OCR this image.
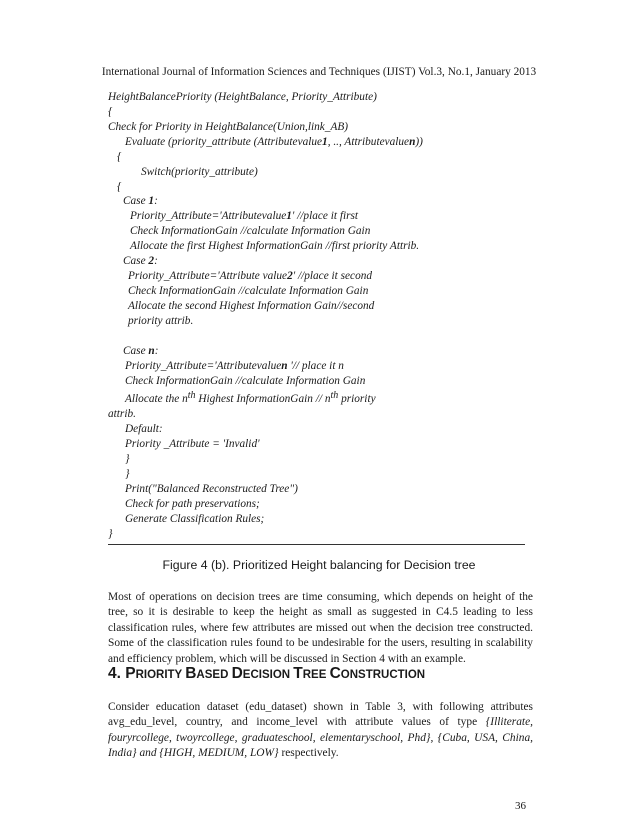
International Journal of Information Sciences and Techniques (IJIST) Vol.3, No.1, January 2013
HeightBalancePriority (HeightBalance, Priority_Attribute)
{
Check for Priority in HeightBalance(Union,link_AB)
Evaluate (priority_attribute (Attributevalue1, .., Attributevaluen))
{
Switch(priority_attribute)
{
Case 1:
Priority_Attribute='Attributevalue1' //place it first
Check InformationGain //calculate Information Gain
Allocate the first Highest InformationGain //first priority Attrib.
Case 2:
Priority_Attribute='Attribute value2' //place it second
Check InformationGain //calculate Information Gain
Allocate the second Highest Information Gain//second
priority attrib.
Case n:
Priority_Attribute='Attributevaluen '// place it n
Check InformationGain //calculate Information Gain
Allocate the $n^{th}$ Highest InformationGain // $n^{th}$ priority
attrib.
Default:
Priority _Attribute = 'Invalid'
}
}
Print("Balanced Reconstructed Tree")
Check for path preservations;
Generate Classification Rules;
}
Figure 4 (b). Prioritized Height balancing for Decision tree
Most of operations on decision trees are time consuming, which depends on height of the tree, so it is desirable to keep the height as small as suggested in C4.5 leading to less classification rules, where few attributes are missed out when the decision tree constructed. Some of the classification rules found to be undesirable for the users, resulting in scalability and efficiency problem, which will be discussed in Section 4 with an example.
4. PRIORITY BASED DECISION TREE CONSTRUCTION
Consider education dataset (edu_dataset) shown in Table 3, with following attributes avg_edu_level, country, and income_level with attribute values of type {Illiterate, fouryrcollege, twoyrcollege, graduateschool, elementaryschool, Phd}, {Cuba, USA, China, India} and {HIGH, MEDIUM, LOW} respectively.
36
